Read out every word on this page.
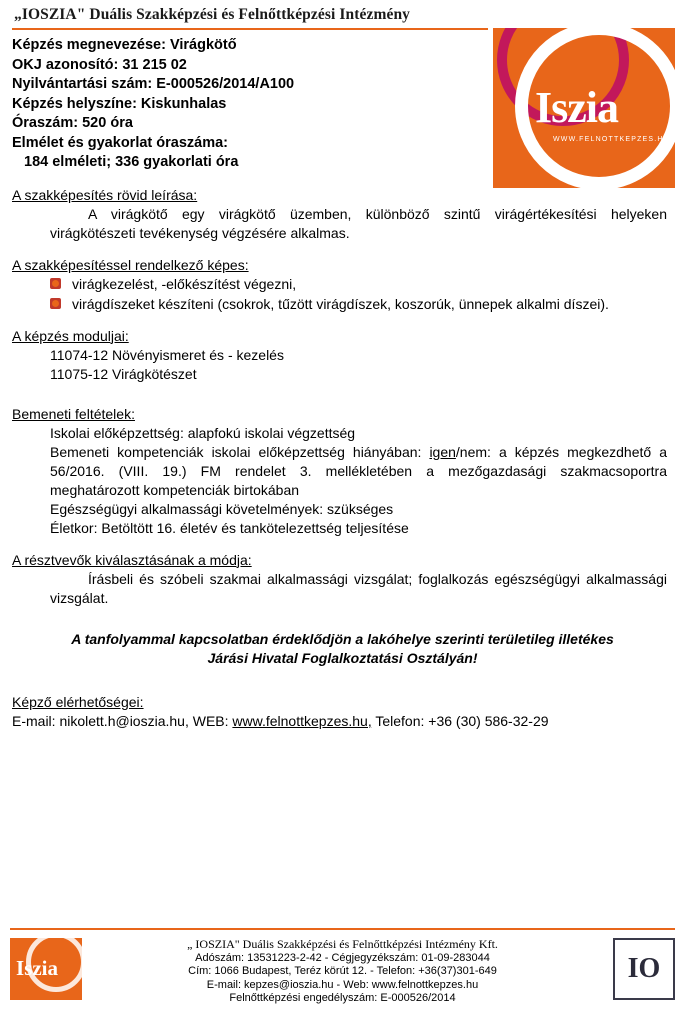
„IOSZIA" Duális Szakképzési és Felnőttképzési Intézmény
Iszia
WWW.FELNOTTKEPZES.HU
Képzés megnevezése: Virágkötő
OKJ azonosító: 31 215 02
Nyilvántartási szám: E-000526/2014/A100
Képzés helyszíne: Kiskunhalas
Óraszám: 520 óra
Elmélet és gyakorlat óraszáma:
184 elméleti; 336 gyakorlati óra
A szakképesítés rövid leírása:
A virágkötő egy virágkötő üzemben, különböző szintű virágértékesítési helyeken virágkötészeti tevékenység végzésére alkalmas.
A szakképesítéssel rendelkező képes:
virágkezelést, -előkészítést végezni,
virágdíszeket készíteni (csokrok, tűzött virágdíszek, koszorúk, ünnepek alkalmi díszei).
A képzés moduljai:
11074-12 Növényismeret és - kezelés
11075-12 Virágkötészet
Bemeneti feltételek:
Iskolai előképzettség: alapfokú iskolai végzettség
Bemeneti kompetenciák iskolai előképzettség hiányában: igen/nem: a képzés megkezdhető a 56/2016. (VIII. 19.) FM rendelet 3. mellékletében a mezőgazdasági szakmacsoportra meghatározott kompetenciák birtokában
Egészségügyi alkalmassági követelmények: szükséges
Életkor: Betöltött 16. életév és tankötelezettség teljesítése
A résztvevők kiválasztásának a módja:
Írásbeli és szóbeli szakmai alkalmassági vizsgálat; foglalkozás egészségügyi alkalmassági vizsgálat.
A tanfolyammal kapcsolatban érdeklődjön a lakóhelye szerinti területileg illetékes
Járási Hivatal Foglalkoztatási Osztályán!
Képző elérhetőségei:
E-mail: nikolett.h@ioszia.hu, WEB: www.felnottkepzes.hu, Telefon: +36 (30) 586-32-29
Iszia
„ IOSZIA" Duális Szakképzési és Felnőttképzési Intézmény Kft.
Adószám: 13531223-2-42 - Cégjegyzékszám: 01-09-283044
Cím: 1066 Budapest, Teréz körút 12. - Telefon: +36(37)301-649
E-mail: kepzes@ioszia.hu - Web: www.felnottkepzes.hu
Felnőttképzési engedélyszám: E-000526/2014
IO
